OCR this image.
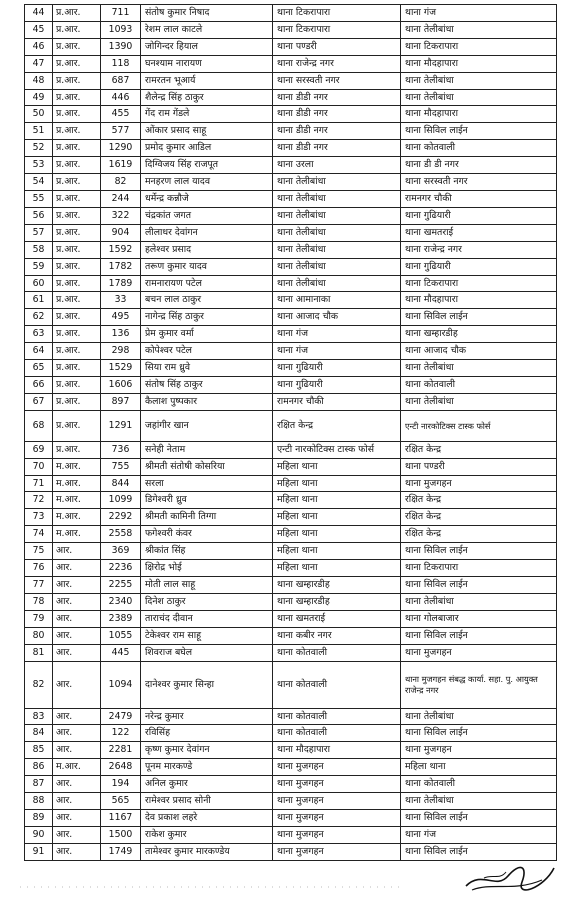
44	प्र.आर.	711	संतोष कुमार निषाद	थाना टिकरापारा	थाना गंज
45	प्र.आर.	1093	रेशम लाल काटले	थाना टिकरापारा	थाना तेलीबांधा
46	प्र.आर.	1390	जोगिन्दर हियाल	थाना पण्डरी	थाना टिकरापारा
47	प्र.आर.	118	घनश्याम नारायण	थाना राजेन्द्र नगर	थाना मौदहापारा
48	प्र.आर.	687	रामरतन भूआर्य	थाना सरस्वती नगर	थाना तेलीबांधा
49	प्र.आर.	446	शैलेन्द्र सिंह ठाकुर	थाना डीडी नगर	थाना तेलीबांधा
50	प्र.आर.	455	गेंद राम गेंडले	थाना डीडी नगर	थाना मौदहापारा
51	प्र.आर.	577	ओंकार प्रसाद साहू	थाना डीडी नगर	थाना सिविल लाईन
52	प्र.आर.	1290	प्रमोद कुमार आडिल	थाना डीडी नगर	थाना कोतवाली
53	प्र.आर.	1619	दिग्विजय सिंह राजपूत	थाना उरला	थाना डी डी नगर
54	प्र.आर.	82	मनहरण लाल यादव	थाना तेलीबांधा	थाना सरस्वती नगर
55	प्र.आर.	244	धर्मेन्द्र कन्नौजे	थाना तेलीबांधा	रामनगर चौकी
56	प्र.आर.	322	चंद्रकांत जगत	थाना तेलीबांधा	थाना गुढियारी
57	प्र.आर.	904	लीलाधर देवांगन	थाना तेलीबांधा	थाना खमतराई
58	प्र.आर.	1592	हलेश्वर प्रसाद	थाना तेलीबांधा	थाना राजेन्द्र नगर
59	प्र.आर.	1782	तरूण कुमार यादव	थाना तेलीबांधा	थाना गुढियारी
60	प्र.आर.	1789	रामनारायण पटेल	थाना तेलीबांधा	थाना टिकरापारा
61	प्र.आर.	33	बचन लाल ठाकुर	थाना आमानाका	थाना मौदहापारा
62	प्र.आर.	495	नागेन्द्र सिंह ठाकुर	थाना आजाद चौक	थाना सिविल लाईन
63	प्र.आर.	136	प्रेम कुमार वर्मा	थाना गंज	थाना खम्हारडीह
64	प्र.आर.	298	कोपेश्वर पटेल	थाना गंज	थाना आजाद चौक
65	प्र.आर.	1529	सिया राम ध्रुवे	थाना गुढियारी	थाना तेलीबांधा
66	प्र.आर.	1606	संतोष सिंह ठाकुर	थाना गुढियारी	थाना कोतवाली
67	प्र.आर.	897	कैलाश पुष्पकार	रामनगर चौकी	थाना तेलीबांधा
68	प्र.आर.	1291	जहांगीर खान	रक्षित केन्द्र	एन्टी नारकोटिक्स टास्क फोर्स
69	प्र.आर.	736	सनेही नेताम	एन्टी नारकोटिक्स टास्क फोर्स	रक्षित केन्द्र
70	म.आर.	755	श्रीमती संतोषी कोसरिया	महिला थाना	थाना पण्डरी
71	म.आर.	844	सरला	महिला थाना	थाना मुजगहन
72	म.आर.	1099	डिगेश्वरी ध्रुव	महिला थाना	रक्षित केन्द्र
73	म.आर.	2292	श्रीमती कामिनी तिग्गा	महिला थाना	रक्षित केन्द्र
74	म.आर.	2558	फगेश्वरी कंवर	महिला थाना	रक्षित केन्द्र
75	आर.	369	श्रीकांत सिंह	महिला थाना	थाना सिविल लाईन
76	आर.	2236	क्षिरोद्र भोई	महिला थाना	थाना टिकरापारा
77	आर.	2255	मोती लाल साहू	थाना खम्हारडीह	थाना सिविल लाईन
78	आर.	2340	दिनेश ठाकुर	थाना खम्हारडीह	थाना तेलीबांधा
79	आर.	2389	ताराचंद दीवान	थाना खमतराई	थाना गोलबाजार
80	आर.	1055	टेकेश्वर राम साहू	थाना कबीर नगर	थाना सिविल लाईन
81	आर.	445	शिवराज बघेल	थाना कोतवाली	थाना मुजगहन
82	आर.	1094	दानेश्वर कुमार सिन्हा	थाना कोतवाली	थाना मुजगहन संबद्ध कार्या. सहा. पु. आयुक्त राजेन्द्र नगर
83	आर.	2479	नरेन्द्र कुमार	थाना कोतवाली	थाना तेलीबांधा
84	आर.	122	रविसिंह	थाना कोतवाली	थाना सिविल लाईन
85	आर.	2281	कृष्ण कुमार देवांगन	थाना मौदहापारा	थाना मुजगहन
86	म.आर.	2648	पूनम मारकण्डे	थाना मुजगहन	महिला थाना
87	आर.	194	अनिल कुमार	थाना मुजगहन	थाना कोतवाली
88	आर.	565	रामेश्वर प्रसाद सोनी	थाना मुजगहन	थाना तेलीबांधा
89	आर.	1167	देव प्रकाश लहरे	थाना मुजगहन	थाना सिविल लाईन
90	आर.	1500	राकेश कुमार	थाना मुजगहन	थाना गंज
91	आर.	1749	तामेश्वर कुमार मारकण्डेय	थाना मुजगहन	थाना सिविल लाईन
